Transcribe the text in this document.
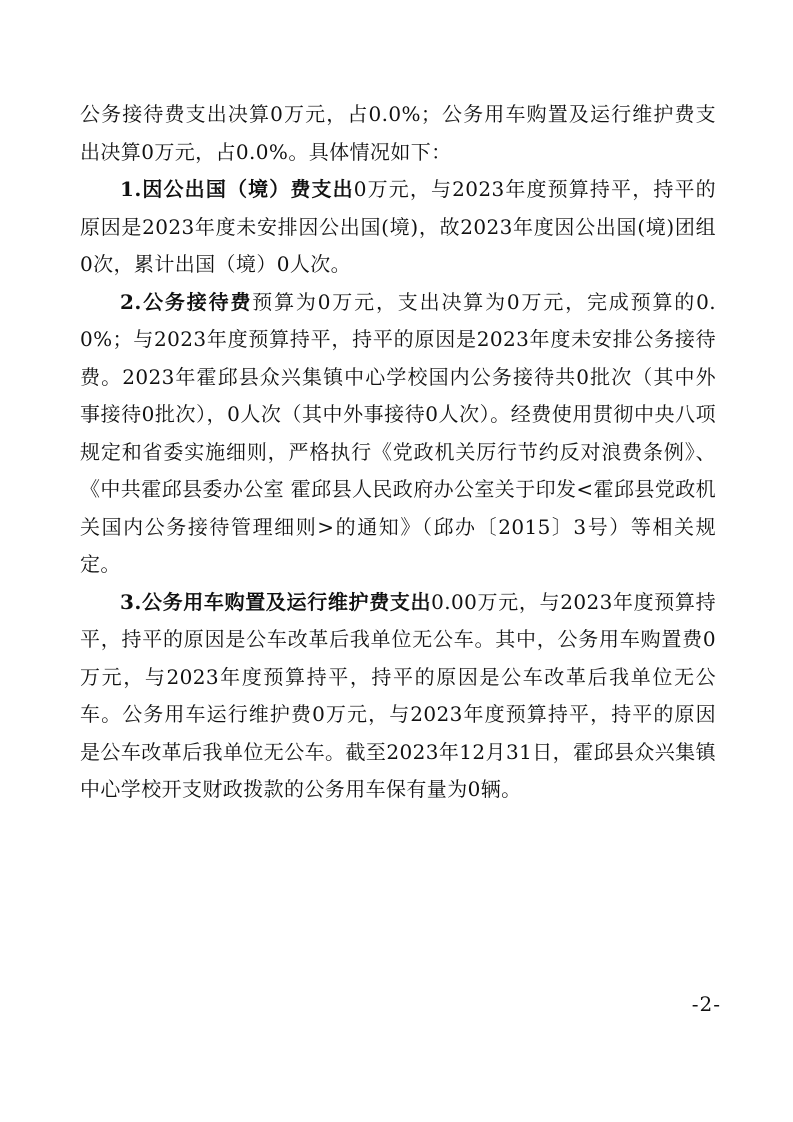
公务接待费支出决算0万元，占0.0%；公务用车购置及运行维护费支出决算0万元，占0.0%。具体情况如下：

1.因公出国（境）费支出0万元，与2023年度预算持平，持平的原因是2023年度未安排因公出国(境)，故2023年度因公出国(境)团组0次，累计出国（境）0人次。

2.公务接待费预算为0万元，支出决算为0万元，完成预算的0.0%；与2023年度预算持平，持平的原因是2023年度未安排公务接待费。2023年霍邱县众兴集镇中心学校国内公务接待共0批次（其中外事接待0批次），0人次（其中外事接待0人次）。经费使用贯彻中央八项规定和省委实施细则，严格执行《党政机关厉行节约反对浪费条例》、《中共霍邱县委办公室 霍邱县人民政府办公室关于印发<霍邱县党政机关国内公务接待管理细则>的通知》（邱办〔2015〕3号）等相关规定。

3.公务用车购置及运行维护费支出0.00万元，与2023年度预算持平，持平的原因是公车改革后我单位无公车。其中，公务用车购置费0万元，与2023年度预算持平，持平的原因是公车改革后我单位无公车。公务用车运行维护费0万元，与2023年度预算持平，持平的原因是公车改革后我单位无公车。截至2023年12月31日，霍邱县众兴集镇中心学校开支财政拨款的公务用车保有量为0辆。

-2-
